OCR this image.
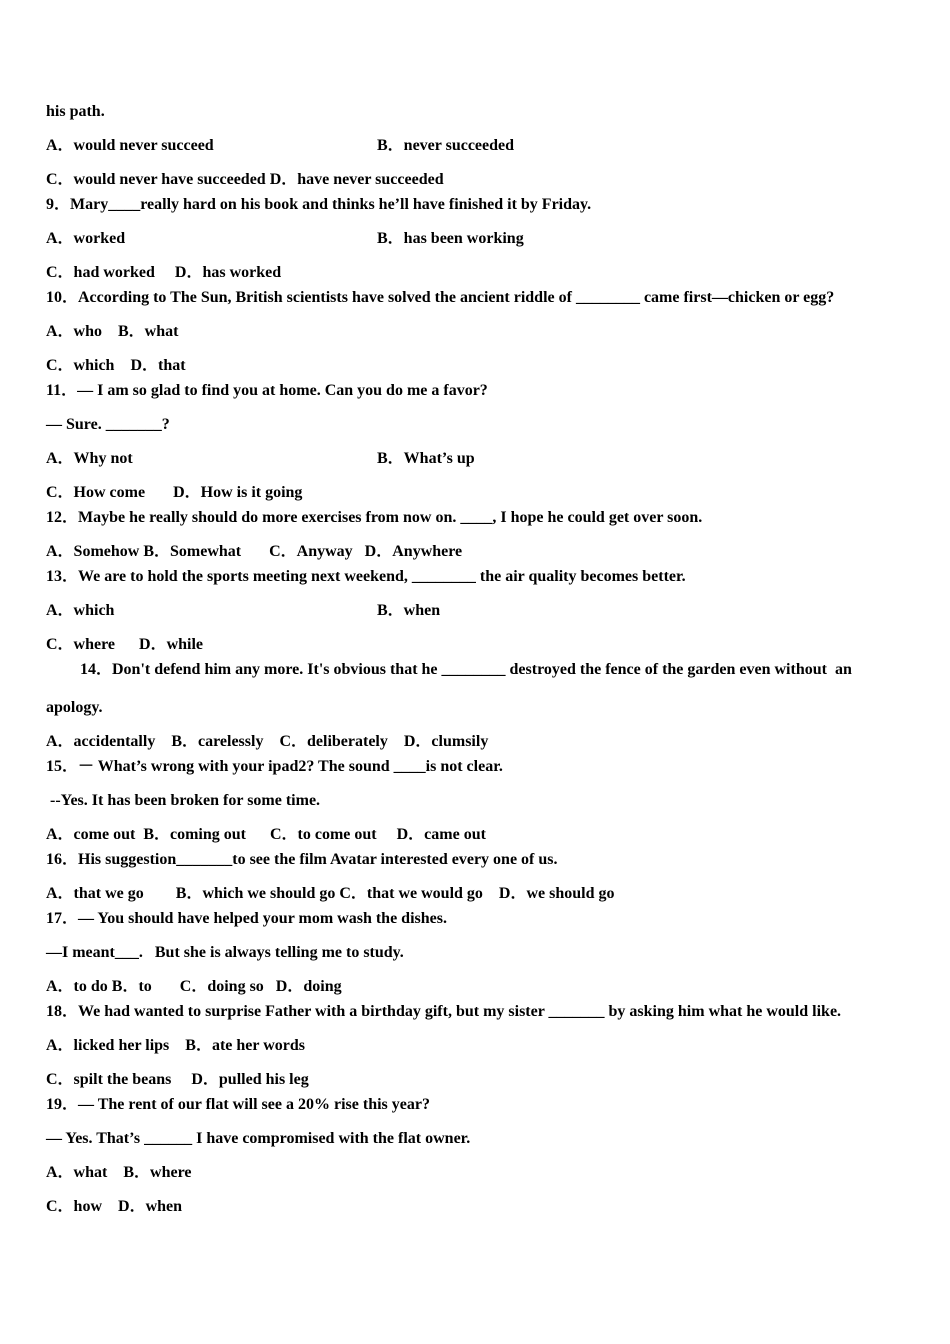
his path.
A．would never succeed	B．never succeeded
C．would never have succeeded D．have never succeeded
9．Mary____really hard on his book and thinks he’ll have finished it by Friday.
A．worked	B．has been working
C．had worked     D．has worked
10．According to The Sun, British scientists have solved the ancient riddle of ________ came first—chicken or egg?
A．who    B．what
C．which    D．that
11．— I am so glad to find you at home. Can you do me a favor?
— Sure. _______?
A．Why not	B．What’s up
C．How come       D．How is it going
12．Maybe he really should do more exercises from now on. ____, I hope he could get over soon.
A．Somehow B．Somewhat       C．Anyway   D．Anywhere
13．We are to hold the sports meeting next weekend, ________ the air quality becomes better.
A．which	B．when
C．where      D．while
14．Don't defend him any more. It's obvious that he ________ destroyed the fence of the garden even without  an
apology.
A．accidentally    B．carelessly    C．deliberately    D．clumsily
15．－ What’s wrong with your ipad2? The sound ____is not clear.
--Yes. It has been broken for some time.
A．come out  B．coming out      C．to come out     D．came out
16．His suggestion_______to see the film Avatar interested every one of us.
A．that we go        B．which we should go C．that we would go    D．we should go
17．— You should have helped your mom wash the dishes.
—I meant___.   But she is always telling me to study.
A．to do B．to       C．doing so   D．doing
18．We had wanted to surprise Father with a birthday gift, but my sister _______ by asking him what he would like.
A．licked her lips    B．ate her words
C．spilt the beans     D．pulled his leg
19．— The rent of our flat will see a 20% rise this year?
— Yes. That’s ______ I have compromised with the flat owner.
A．what    B．where
C．how    D．when
